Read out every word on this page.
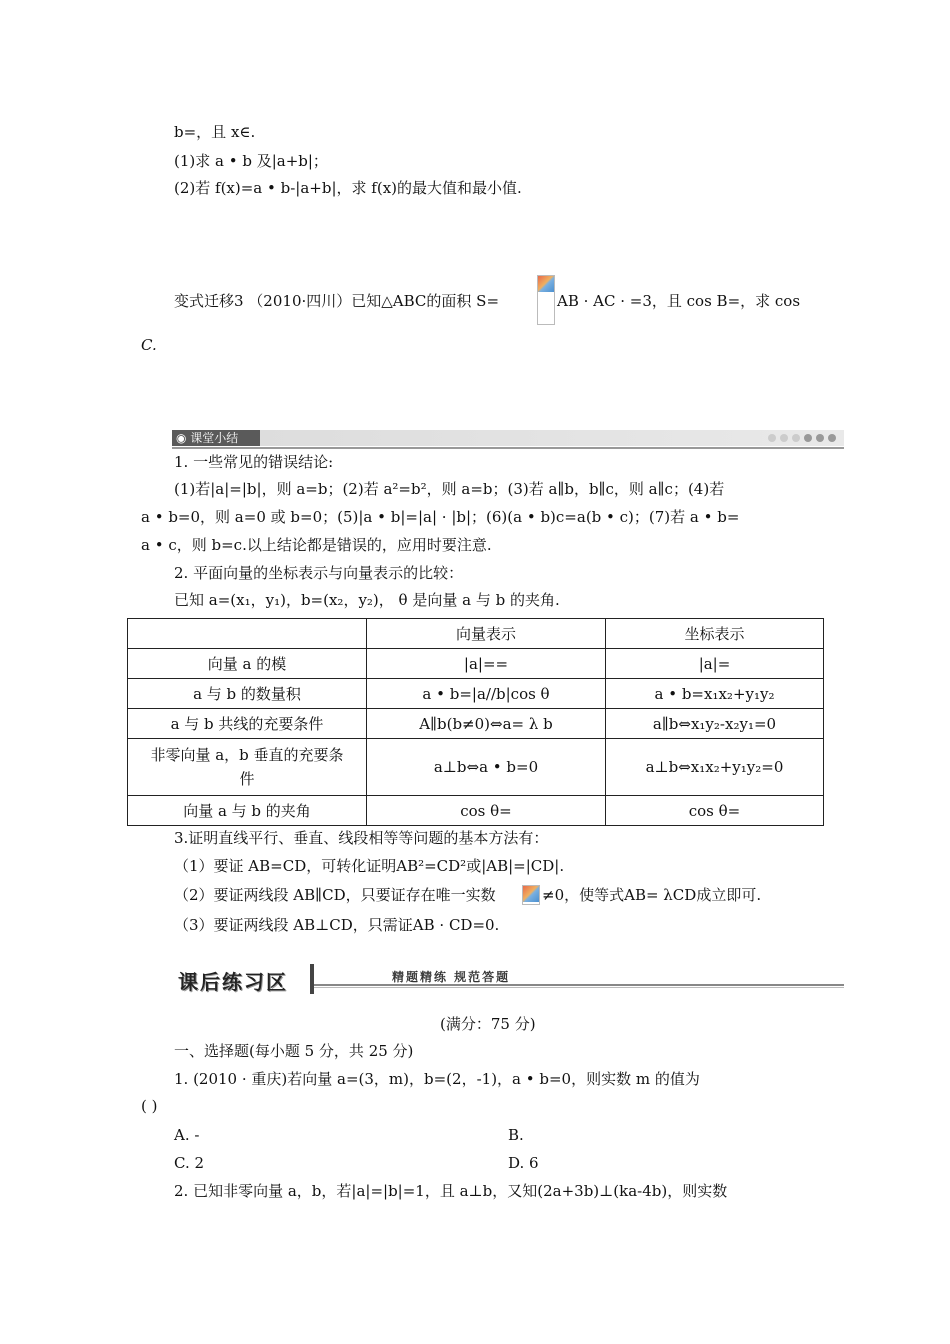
b=，且 x∈.
(1)求 a • b 及|a+b|；
(2)若 f(x)=a • b-|a+b|，求 f(x)的最大值和最小值.
变式迁移3 （2010·四川）已知△ABC的面积 S=	AB · AC · =3，且 cos B=，求 cos
C.
◉ 课堂小结
1. 一些常见的错误结论:
(1)若|a|=|b|，则 a=b；(2)若 a²=b²，则 a=b；(3)若 a∥b，b∥c，则 a∥c；(4)若
a • b=0，则 a=0 或 b=0；(5)|a • b|=|a| · |b|；(6)(a • b)c=a(b • c)；(7)若 a • b=
a • c，则 b=c.以上结论都是错误的，应用时要注意.
2. 平面向量的坐标表示与向量表示的比较：
已知 a=(x₁，y₁)，b=(x₂，y₂)， θ 是向量 a 与 b 的夹角.
	向量表示	坐标表示
向量 a 的模	|a|==	|a|=
a 与 b 的数量积	a • b=|a//b|cos θ	a • b=x₁x₂+y₁y₂
a 与 b 共线的充要条件	A∥b(b≠0)⇔a= λ b	a∥b⇔x₁y₂-x₂y₁=0
非零向量 a，b 垂直的充要条件	a⊥b⇔a • b=0	a⊥b⇔x₁x₂+y₁y₂=0
向量 a 与 b 的夹角	cos θ=	cos θ=
3.证明直线平行、垂直、线段相等等问题的基本方法有：
（1）要证 AB=CD，可转化证明AB²=CD²或|AB|=|CD|.
（2）要证两线段 AB∥CD，只要证存在唯一实数	≠0，使等式AB= λCD成立即可.
（3）要证两线段 AB⊥CD，只需证AB · CD=0.
课后练习区	精题精练 规范答题
(满分：75 分)
一、选择题(每小题 5 分，共 25 分)
1. (2010 · 重庆)若向量 a=(3，m)，b=(2，-1)，a • b=0，则实数 m 的值为
( )
A. -	B.
C. 2	D. 6
2. 已知非零向量 a，b，若|a|=|b|=1，且 a⊥b，又知(2a+3b)⊥(ka-4b)，则实数
